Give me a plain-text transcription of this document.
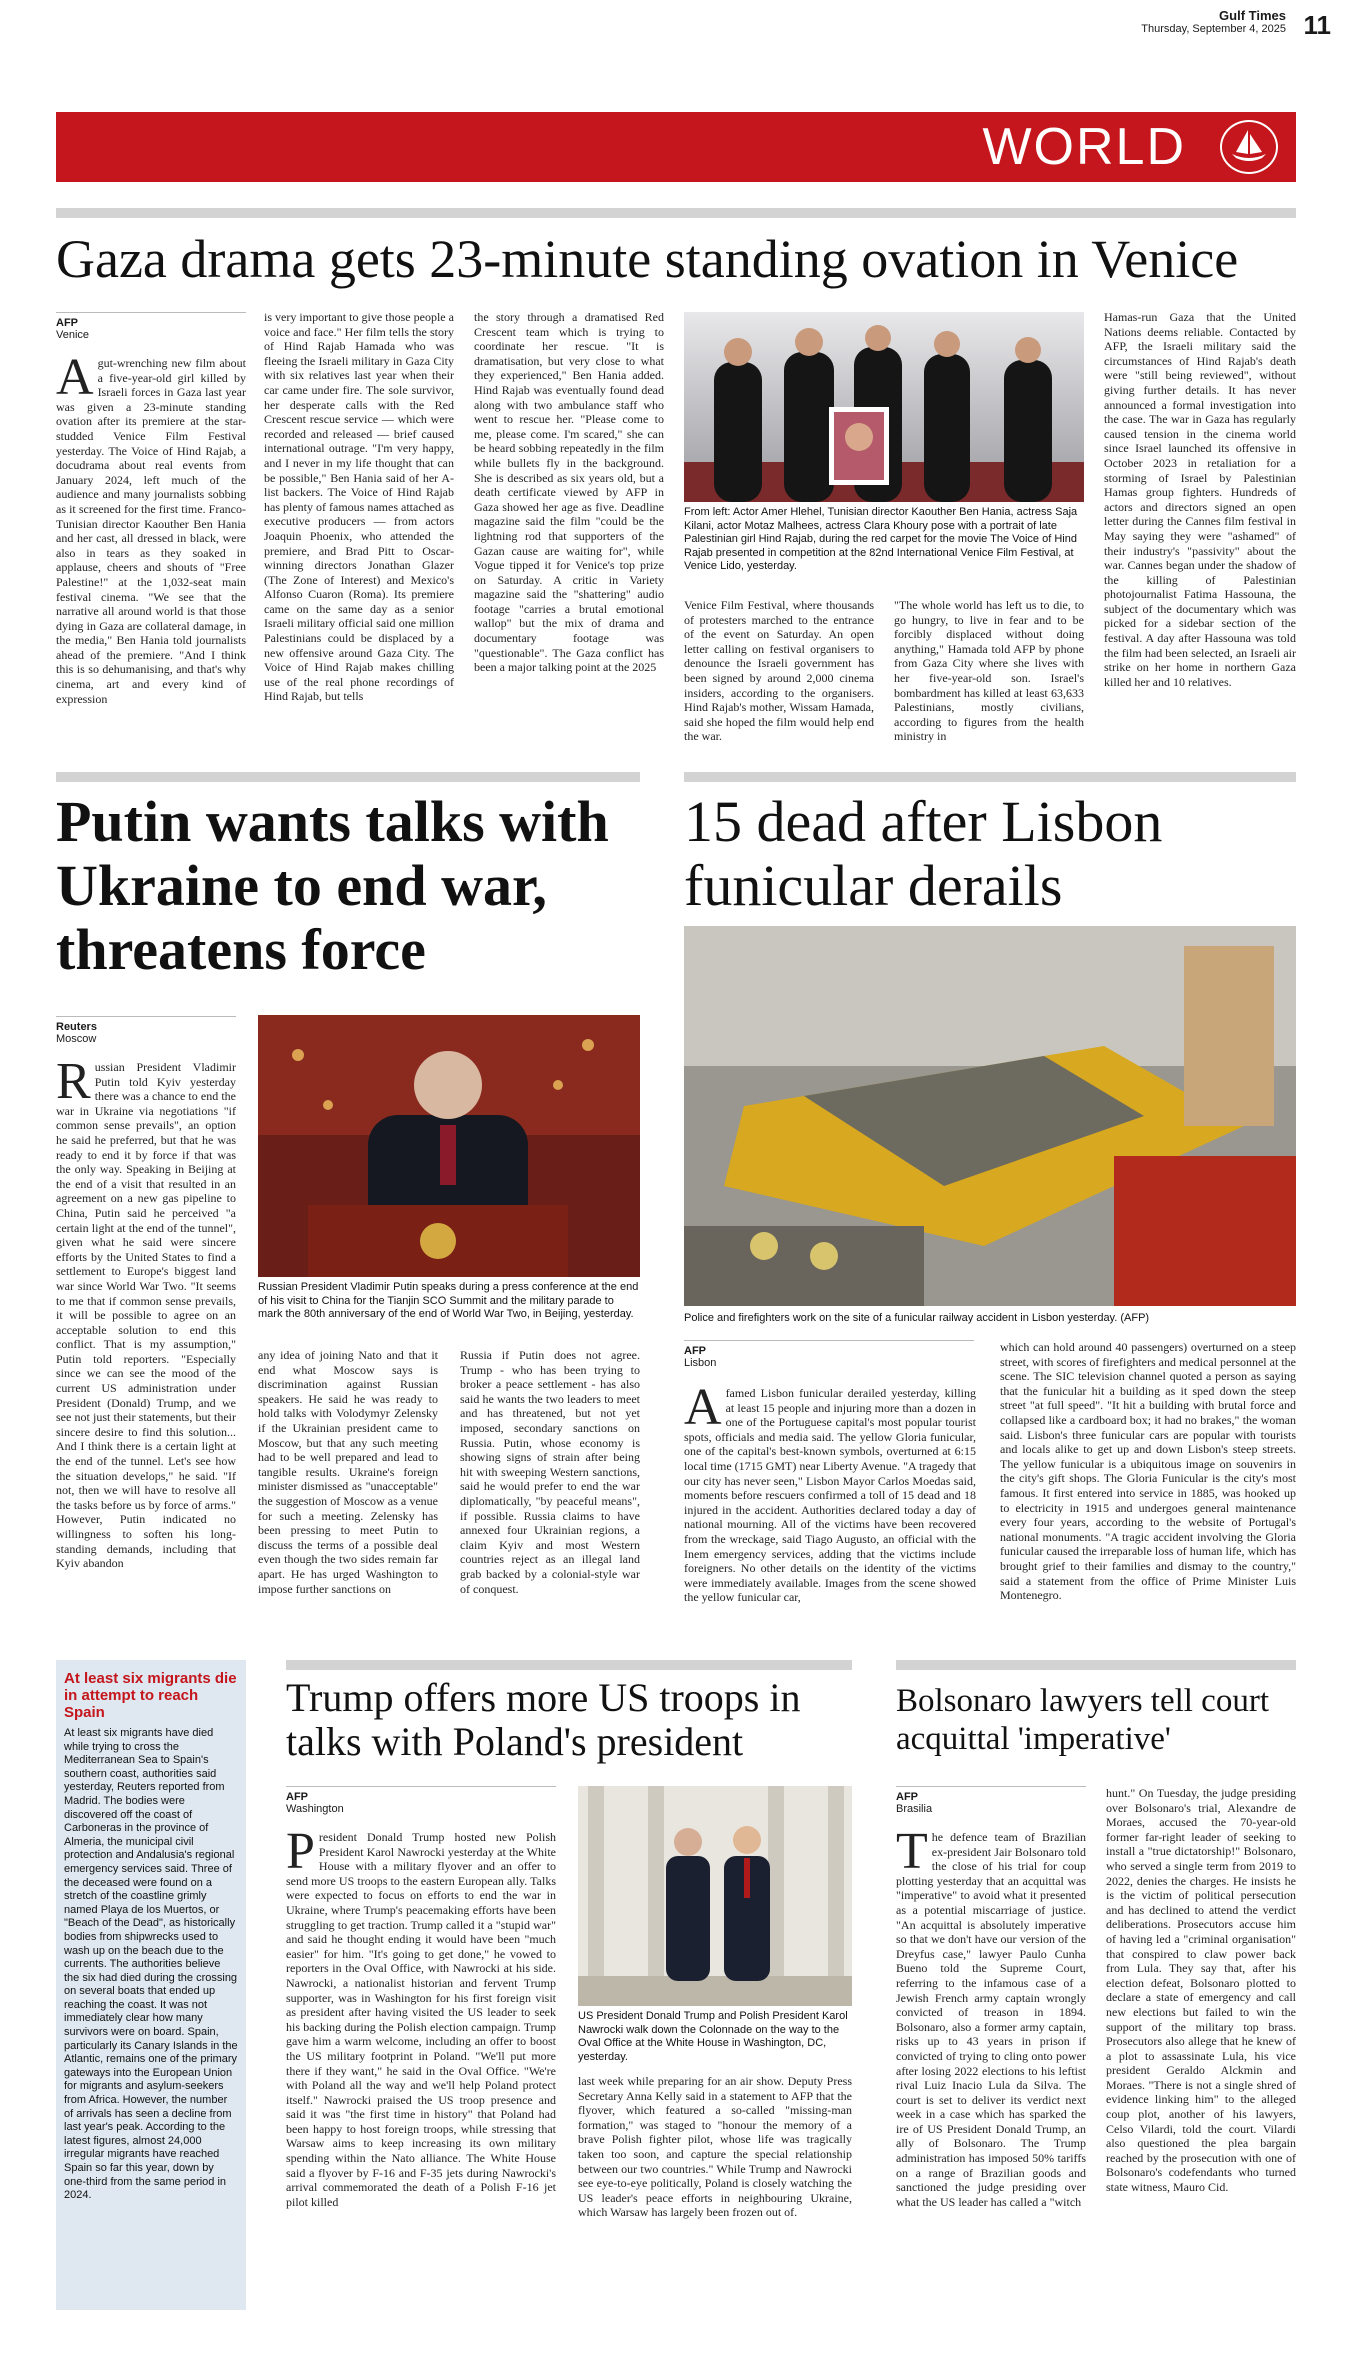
Gulf Times
Thursday, September 4, 2025 11
WORLD
Gaza drama gets 23-minute standing ovation in Venice
AFP
Venice
A gut-wrenching new film about a five-year-old girl killed by Israeli forces in Gaza last year was given a 23-minute standing ovation after its premiere at the star-studded Venice Film Festival yesterday. The Voice of Hind Rajab, a docudrama about real events from January 2024, left much of the audience and many journalists sobbing as it screened for the first time. Franco-Tunisian director Kaouther Ben Hania and her cast, all dressed in black, were also in tears as they soaked in applause, cheers and shouts of "Free Palestine!" at the 1,032-seat main festival cinema. "We see that the narrative all around world is that those dying in Gaza are collateral damage, in the media," Ben Hania told journalists ahead of the premiere. "And I think this is so dehumanising, and that's why cinema, art and every kind of expression
is very important to give those people a voice and face." Her film tells the story of Hind Rajab Hamada who was fleeing the Israeli military in Gaza City with six relatives last year when their car came under fire. The sole survivor, her desperate calls with the Red Crescent rescue service — which were recorded and released — brief caused international outrage. "I'm very happy, and I never in my life thought that can be possible," Ben Hania said of her A-list backers. The Voice of Hind Rajab has plenty of famous names attached as executive producers — from actors Joaquin Phoenix, who attended the premiere, and Brad Pitt to Oscar-winning directors Jonathan Glazer (The Zone of Interest) and Mexico's Alfonso Cuaron (Roma). Its premiere came on the same day as a senior Israeli military official said one million Palestinians could be displaced by a new offensive around Gaza City. The Voice of Hind Rajab makes chilling use of the real phone recordings of Hind Rajab, but tells
the story through a dramatised Red Crescent team which is trying to coordinate her rescue. "It is dramatisation, but very close to what they experienced," Ben Hania added. Hind Rajab was eventually found dead along with two ambulance staff who went to rescue her. "Please come to me, please come. I'm scared," she can be heard sobbing repeatedly in the film while bullets fly in the background. She is described as six years old, but a death certificate viewed by AFP in Gaza showed her age as five. Deadline magazine said the film "could be the lightning rod that supporters of the Gazan cause are waiting for", while Vogue tipped it for Venice's top prize on Saturday. A critic in Variety magazine said the "shattering" audio footage "carries a brutal emotional wallop" but the mix of drama and documentary footage was "questionable". The Gaza conflict has been a major talking point at the 2025
From left: Actor Amer Hlehel, Tunisian director Kaouther Ben Hania, actress Saja Kilani, actor Motaz Malhees, actress Clara Khoury pose with a portrait of late Palestinian girl Hind Rajab, during the red carpet for the movie The Voice of Hind Rajab presented in competition at the 82nd International Venice Film Festival, at Venice Lido, yesterday.
Venice Film Festival, where thousands of protesters marched to the entrance of the event on Saturday. An open letter calling on festival organisers to denounce the Israeli government has been signed by around 2,000 cinema insiders, according to the organisers. Hind Rajab's mother, Wissam Hamada, said she hoped the film would help end the war.
"The whole world has left us to die, to go hungry, to live in fear and to be forcibly displaced without doing anything," Hamada told AFP by phone from Gaza City where she lives with her five-year-old son. Israel's bombardment has killed at least 63,633 Palestinians, mostly civilians, according to figures from the health ministry in
Hamas-run Gaza that the United Nations deems reliable. Contacted by AFP, the Israeli military said the circumstances of Hind Rajab's death were "still being reviewed", without giving further details. It has never announced a formal investigation into the case. The war in Gaza has regularly caused tension in the cinema world since Israel launched its offensive in October 2023 in retaliation for a storming of Israel by Palestinian Hamas group fighters. Hundreds of actors and directors signed an open letter during the Cannes film festival in May saying they were "ashamed" of their industry's "passivity" about the war. Cannes began under the shadow of the killing of Palestinian photojournalist Fatima Hassouna, the subject of the documentary which was picked for a sidebar section of the festival. A day after Hassouna was told the film had been selected, an Israeli air strike on her home in northern Gaza killed her and 10 relatives.
Putin wants talks with Ukraine to end war, threatens force
Reuters
Moscow
Russian President Vladimir Putin told Kyiv yesterday there was a chance to end the war in Ukraine via negotiations "if common sense prevails", an option he said he preferred, but that he was ready to end it by force if that was the only way. Speaking in Beijing at the end of a visit that resulted in an agreement on a new gas pipeline to China, Putin said he perceived "a certain light at the end of the tunnel", given what he said were sincere efforts by the United States to find a settlement to Europe's biggest land war since World War Two. "It seems to me that if common sense prevails, it will be possible to agree on an acceptable solution to end this conflict. That is my assumption," Putin told reporters. "Especially since we can see the mood of the current US administration under President (Donald) Trump, and we see not just their statements, but their sincere desire to find this solution... And I think there is a certain light at the end of the tunnel. Let's see how the situation develops," he said. "If not, then we will have to resolve all the tasks before us by force of arms." However, Putin indicated no willingness to soften his long-standing demands, including that Kyiv abandon
Russian President Vladimir Putin speaks during a press conference at the end of his visit to China for the Tianjin SCO Summit and the military parade to mark the 80th anniversary of the end of World War Two, in Beijing, yesterday.
any idea of joining Nato and that it end what Moscow says is discrimination against Russian speakers. He said he was ready to hold talks with Volodymyr Zelensky if the Ukrainian president came to Moscow, but that any such meeting had to be well prepared and lead to tangible results. Ukraine's foreign minister dismissed as "unacceptable" the suggestion of Moscow as a venue for such a meeting. Zelensky has been pressing to meet Putin to discuss the terms of a possible deal even though the two sides remain far apart. He has urged Washington to impose further sanctions on
Russia if Putin does not agree. Trump - who has been trying to broker a peace settlement - has also said he wants the two leaders to meet and has threatened, but not yet imposed, secondary sanctions on Russia. Putin, whose economy is showing signs of strain after being hit with sweeping Western sanctions, said he would prefer to end the war diplomatically, "by peaceful means", if possible. Russia claims to have annexed four Ukrainian regions, a claim Kyiv and most Western countries reject as an illegal land grab backed by a colonial-style war of conquest.
15 dead after Lisbon funicular derails
Police and firefighters work on the site of a funicular railway accident in Lisbon yesterday. (AFP)
AFP
Lisbon
A famed Lisbon funicular derailed yesterday, killing at least 15 people and injuring more than a dozen in one of the Portuguese capital's most popular tourist spots, officials and media said. The yellow Gloria funicular, one of the capital's best-known symbols, overturned at 6:15 local time (1715 GMT) near Liberty Avenue. "A tragedy that our city has never seen," Lisbon Mayor Carlos Moedas said, moments before rescuers confirmed a toll of 15 dead and 18 injured in the accident. Authorities declared today a day of national mourning. All of the victims have been recovered from the wreckage, said Tiago Augusto, an official with the Inem emergency services, adding that the victims include foreigners. No other details on the identity of the victims were immediately available. Images from the scene showed the yellow funicular car,
which can hold around 40 passengers) overturned on a steep street, with scores of firefighters and medical personnel at the scene. The SIC television channel quoted a person as saying that the funicular hit a building as it sped down the steep street "at full speed". "It hit a building with brutal force and collapsed like a cardboard box; it had no brakes," the woman said. Lisbon's three funicular cars are popular with tourists and locals alike to get up and down Lisbon's steep streets. The yellow funicular is a ubiquitous image on souvenirs in the city's gift shops. The Gloria Funicular is the city's most famous. It first entered into service in 1885, was hooked up to electricity in 1915 and undergoes general maintenance every four years, according to the website of Portugal's national monuments. "A tragic accident involving the Gloria funicular caused the irreparable loss of human life, which has brought grief to their families and dismay to the country," said a statement from the office of Prime Minister Luis Montenegro.
At least six migrants die in attempt to reach Spain
At least six migrants have died while trying to cross the Mediterranean Sea to Spain's southern coast, authorities said yesterday, Reuters reported from Madrid. The bodies were discovered off the coast of Carboneras in the province of Almeria, the municipal civil protection and Andalusia's regional emergency services said. Three of the deceased were found on a stretch of the coastline grimly named Playa de los Muertos, or "Beach of the Dead", as historically bodies from shipwrecks used to wash up on the beach due to the currents. The authorities believe the six had died during the crossing on several boats that ended up reaching the coast. It was not immediately clear how many survivors were on board. Spain, particularly its Canary Islands in the Atlantic, remains one of the primary gateways into the European Union for migrants and asylum-seekers from Africa. However, the number of arrivals has seen a decline from last year's peak. According to the latest figures, almost 24,000 irregular migrants have reached Spain so far this year, down by one-third from the same period in 2024.
Trump offers more US troops in talks with Poland's president
AFP
Washington
President Donald Trump hosted new Polish President Karol Nawrocki yesterday at the White House with a military flyover and an offer to send more US troops to the eastern European ally. Talks were expected to focus on efforts to end the war in Ukraine, where Trump's peacemaking efforts have been struggling to get traction. Trump called it a "stupid war" and said he thought ending it would have been "much easier" for him. "It's going to get done," he vowed to reporters in the Oval Office, with Nawrocki at his side. Nawrocki, a nationalist historian and fervent Trump supporter, was in Washington for his first foreign visit as president after having visited the US leader to seek his backing during the Polish election campaign. Trump gave him a warm welcome, including an offer to boost the US military footprint in Poland. "We'll put more there if they want," he said in the Oval Office. "We're with Poland all the way and we'll help Poland protect itself." Nawrocki praised the US troop presence and said it was "the first time in history" that Poland had been happy to host foreign troops, while stressing that Warsaw aims to keep increasing its own military spending within the Nato alliance. The White House said a flyover by F-16 and F-35 jets during Nawrocki's arrival commemorated the death of a Polish F-16 jet pilot killed
US President Donald Trump and Polish President Karol Nawrocki walk down the Colonnade on the way to the Oval Office at the White House in Washington, DC, yesterday.
last week while preparing for an air show. Deputy Press Secretary Anna Kelly said in a statement to AFP that the flyover, which featured a so-called "missing-man formation," was staged to "honour the memory of a brave Polish fighter pilot, whose life was tragically taken too soon, and capture the special relationship between our two countries." While Trump and Nawrocki see eye-to-eye politically, Poland is closely watching the US leader's peace efforts in neighbouring Ukraine, which Warsaw has largely been frozen out of.
Bolsonaro lawyers tell court acquittal 'imperative'
AFP
Brasilia
The defence team of Brazilian ex-president Jair Bolsonaro told the close of his trial for coup plotting yesterday that an acquittal was "imperative" to avoid what it presented as a potential miscarriage of justice. "An acquittal is absolutely imperative so that we don't have our version of the Dreyfus case," lawyer Paulo Cunha Bueno told the Supreme Court, referring to the infamous case of a Jewish French army captain wrongly convicted of treason in 1894. Bolsonaro, also a former army captain, risks up to 43 years in prison if convicted of trying to cling onto power after losing 2022 elections to his leftist rival Luiz Inacio Lula da Silva. The court is set to deliver its verdict next week in a case which has sparked the ire of US President Donald Trump, an ally of Bolsonaro. The Trump administration has imposed 50% tariffs on a range of Brazilian goods and sanctioned the judge presiding over what the US leader has called a "witch
hunt." On Tuesday, the judge presiding over Bolsonaro's trial, Alexandre de Moraes, accused the 70-year-old former far-right leader of seeking to install a "true dictatorship!" Bolsonaro, who served a single term from 2019 to 2022, denies the charges. He insists he is the victim of political persecution and has declined to attend the verdict deliberations. Prosecutors accuse him of having led a "criminal organisation" that conspired to claw power back from Lula. They say that, after his election defeat, Bolsonaro plotted to declare a state of emergency and call new elections but failed to win the support of the military top brass. Prosecutors also allege that he knew of a plot to assassinate Lula, his vice president Geraldo Alckmin and Moraes. "There is not a single shred of evidence linking him" to the alleged coup plot, another of his lawyers, Celso Vilardi, told the court. Vilardi also questioned the plea bargain reached by the prosecution with one of Bolsonaro's codefendants who turned state witness, Mauro Cid.
